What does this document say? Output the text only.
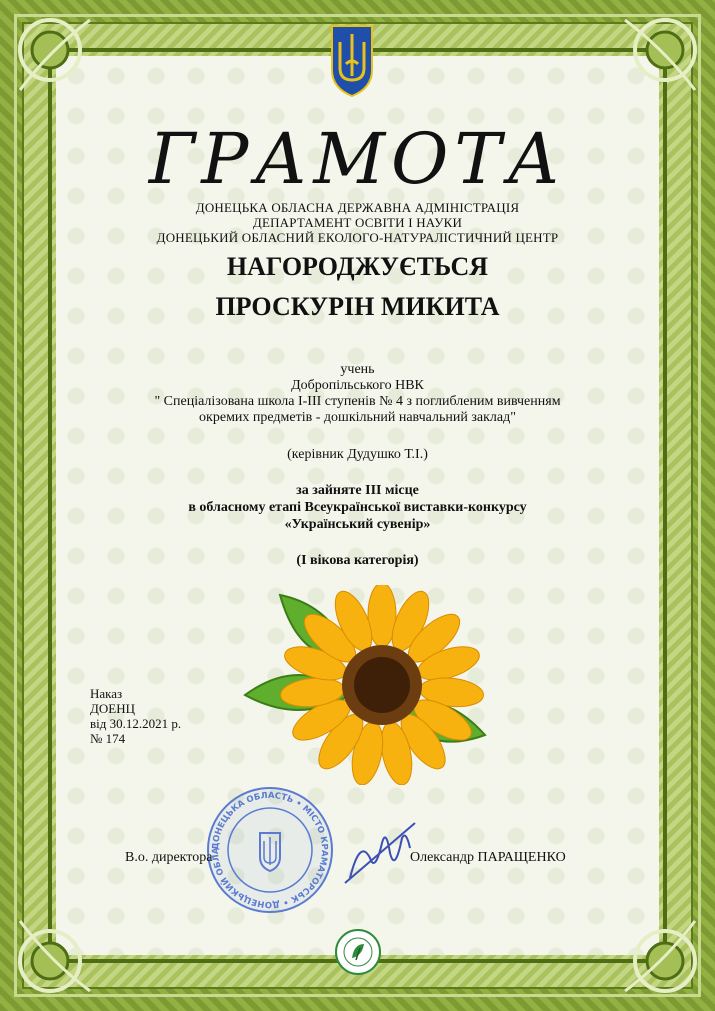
ГРАМОТА
ДОНЕЦЬКА ОБЛАСНА ДЕРЖАВНА АДМІНІСТРАЦІЯ
ДЕПАРТАМЕНТ ОСВІТИ І НАУКИ
ДОНЕЦЬКИЙ ОБЛАСНИЙ ЕКОЛОГО-НАТУРАЛІСТИЧНИЙ ЦЕНТР
НАГОРОДЖУЄТЬСЯ
ПРОСКУРІН МИКИТА
учень
Добропільського НВК
" Спеціалізована школа І-ІІІ ступенів № 4 з поглибленим вивченням
окремих предметів - дошкільний навчальний заклад"
(керівник Дудушко Т.І.)
за зайняте ІІІ місце
в обласному етапі Всеукраїнської виставки-конкурсу
«Український сувенір»
(І вікова категорія)
Наказ
ДОЕНЦ
від 30.12.2021 р.
№ 174
ДОНЕЦЬКА ОБЛАСТЬ • МІСТО КРАМАТОРСЬК • ДОНЕЦЬКИЙ ОБЛА
В.о. директора	Олександр ПАРАЩЕНКО
